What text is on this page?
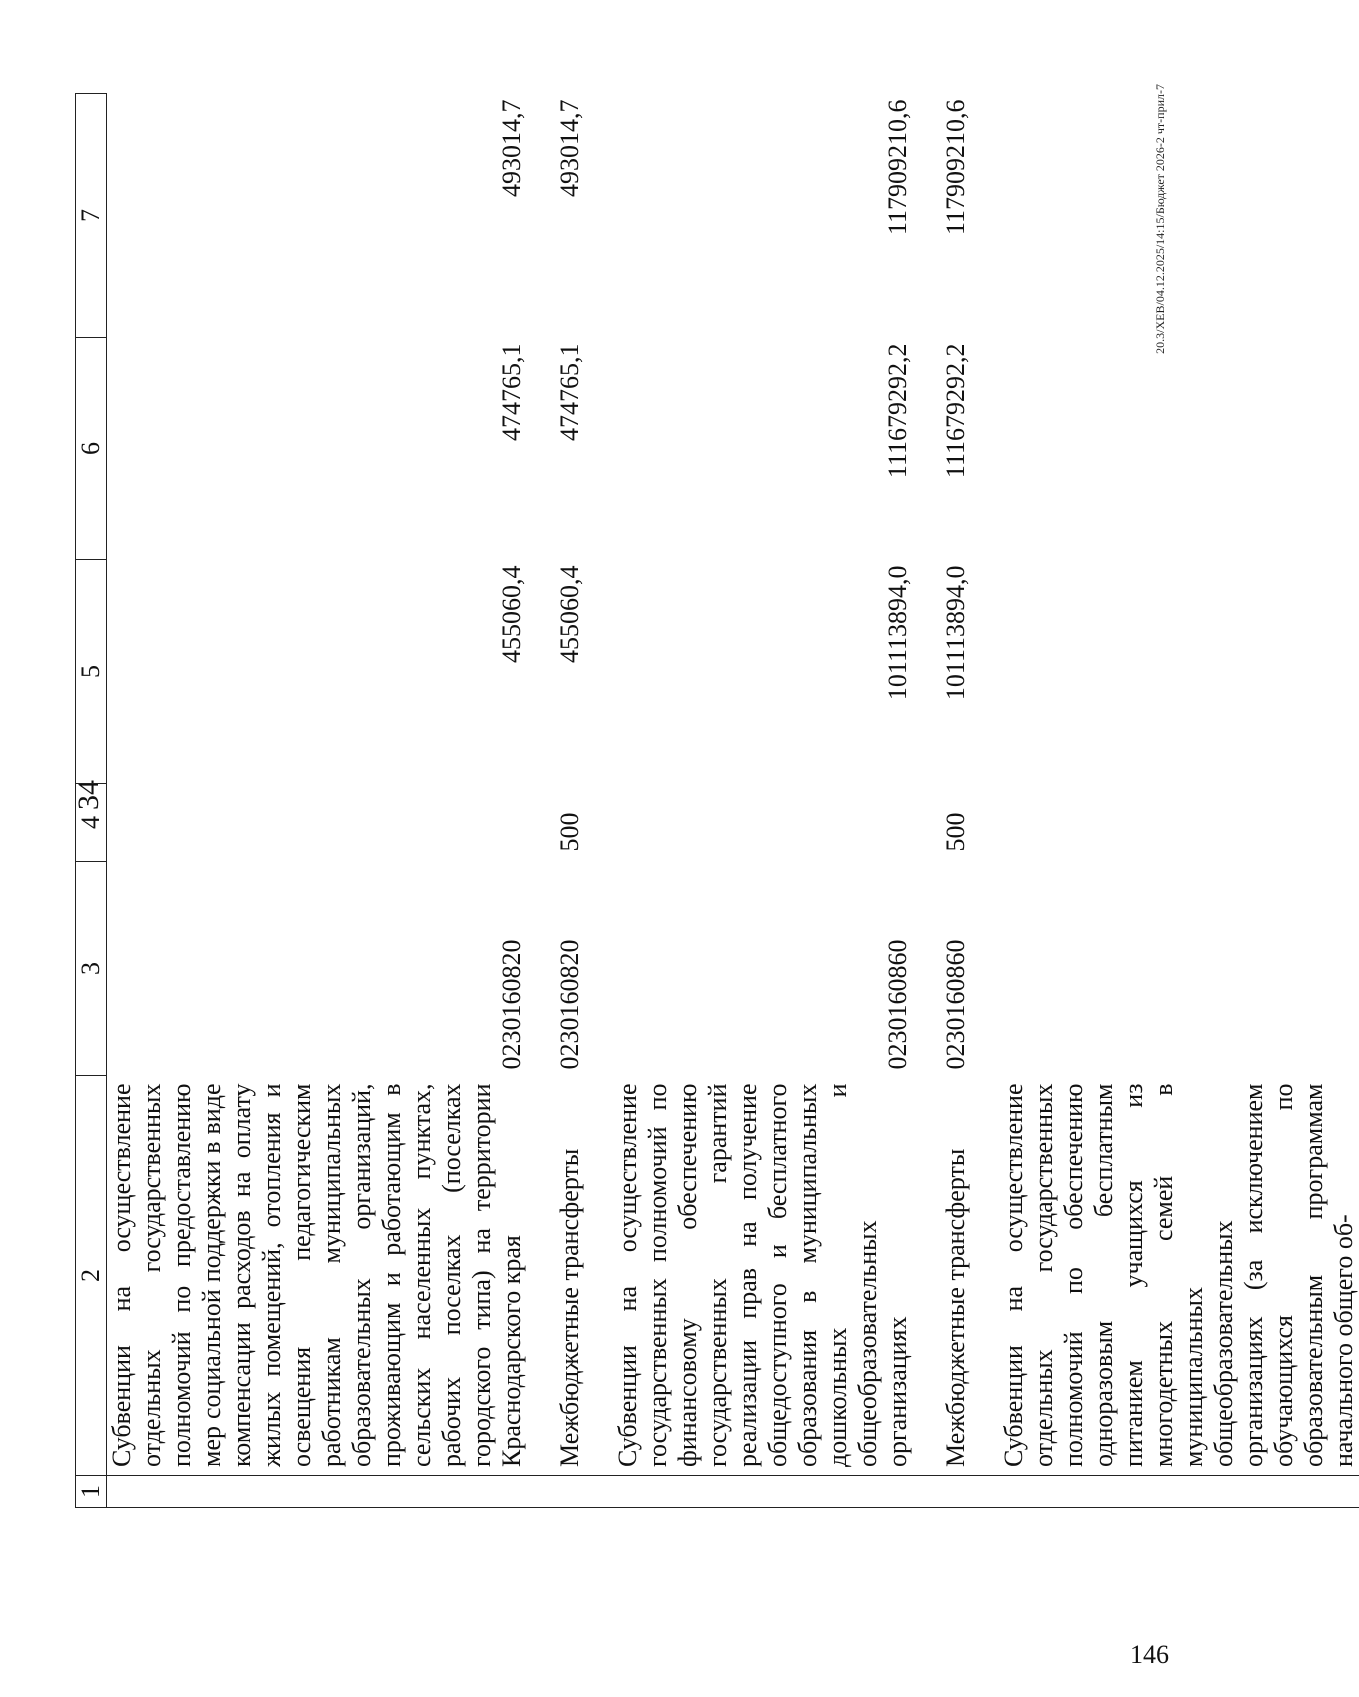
34
1	2	3	4	5	6	7
	Субвенции на осуществление отдельных государственных полномочий по предоставлению мер социальной поддержки в виде компенсации расходов на оплату жилых помещений, отопления и освещения педагогическим работникам муниципальных образовательных организаций, проживающим и работающим в сельских населенных пунктах, рабочих поселках (поселках городского типа) на территории Краснодарского края	0230160820		455060,4	474765,1	493014,7

	Межбюджетные трансферты	0230160820	500	455060,4	474765,1	493014,7

	Субвенции на осуществление государственных полномочий по финансовому обеспечению государственных гарантий реализации прав на получение общедоступного и бесплатного образования в муниципальных дошкольных и общеобразовательных организациях	0230160860		101113894,0	111679292,2	117909210,6

	Межбюджетные трансферты	0230160860	500	101113894,0	111679292,2	117909210,6

	Субвенции на осуществление отдельных государственных полномочий по обеспечению одноразовым бесплатным питанием учащихся из многодетных семей в муниципальных общеобразовательных организациях (за исключением обучающихся по образовательным программам начального общего об-					
20.3/ХЕВ/04.12.2025/14:15/Бюджет 2026-2 чт-прил-7
146
